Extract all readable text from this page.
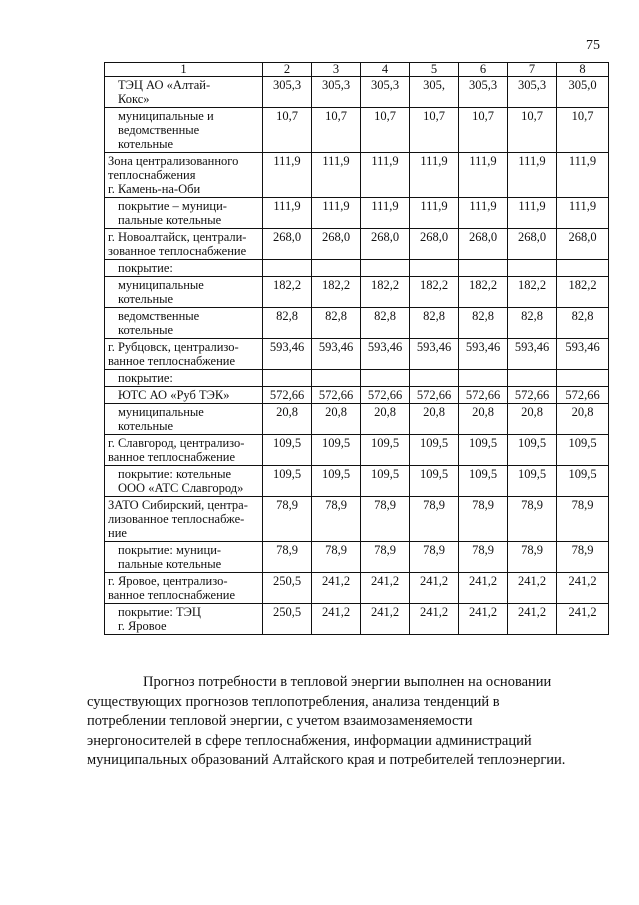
75
1	2	3	4	5	6	7	8

ТЭЦ АО «Алтай-
Кокс»	305,3	305,3	305,3	305,	305,3	305,3	305,0

муниципальные и
ведомственные
котельные	10,7	10,7	10,7	10,7	10,7	10,7	10,7

Зона централизованного
теплоснабжения
г. Камень-на-Оби	111,9	111,9	111,9	111,9	111,9	111,9	111,9

покрытие – муници-
пальные котельные	111,9	111,9	111,9	111,9	111,9	111,9	111,9

г. Новоалтайск, централи-
зованное теплоснабжение	268,0	268,0	268,0	268,0	268,0	268,0	268,0

покрытие:							

муниципальные
котельные	182,2	182,2	182,2	182,2	182,2	182,2	182,2

ведомственные
котельные	82,8	82,8	82,8	82,8	82,8	82,8	82,8

г. Рубцовск, централизо-
ванное теплоснабжение	593,46	593,46	593,46	593,46	593,46	593,46	593,46

покрытие:							

ЮТС АО «Руб ТЭК»	572,66	572,66	572,66	572,66	572,66	572,66	572,66

муниципальные
котельные	20,8	20,8	20,8	20,8	20,8	20,8	20,8

г. Славгород, централизо-
ванное теплоснабжение	109,5	109,5	109,5	109,5	109,5	109,5	109,5

покрытие: котельные
ООО «АТС Славгород»	109,5	109,5	109,5	109,5	109,5	109,5	109,5

ЗАТО Сибирский, центра-
лизованное теплоснабже-
ние	78,9	78,9	78,9	78,9	78,9	78,9	78,9

покрытие: муници-
пальные котельные	78,9	78,9	78,9	78,9	78,9	78,9	78,9

г. Яровое, централизо-
ванное теплоснабжение	250,5	241,2	241,2	241,2	241,2	241,2	241,2

покрытие: ТЭЦ
г. Яровое	250,5	241,2	241,2	241,2	241,2	241,2	241,2
Прогноз потребности в тепловой энергии выполнен на основании
существующих прогнозов теплопотребления, анализа тенденций в
потреблении тепловой энергии, с учетом взаимозаменяемости
энергоносителей в сфере теплоснабжения, информации администраций
муниципальных образований Алтайского края и потребителей теплоэнергии.
